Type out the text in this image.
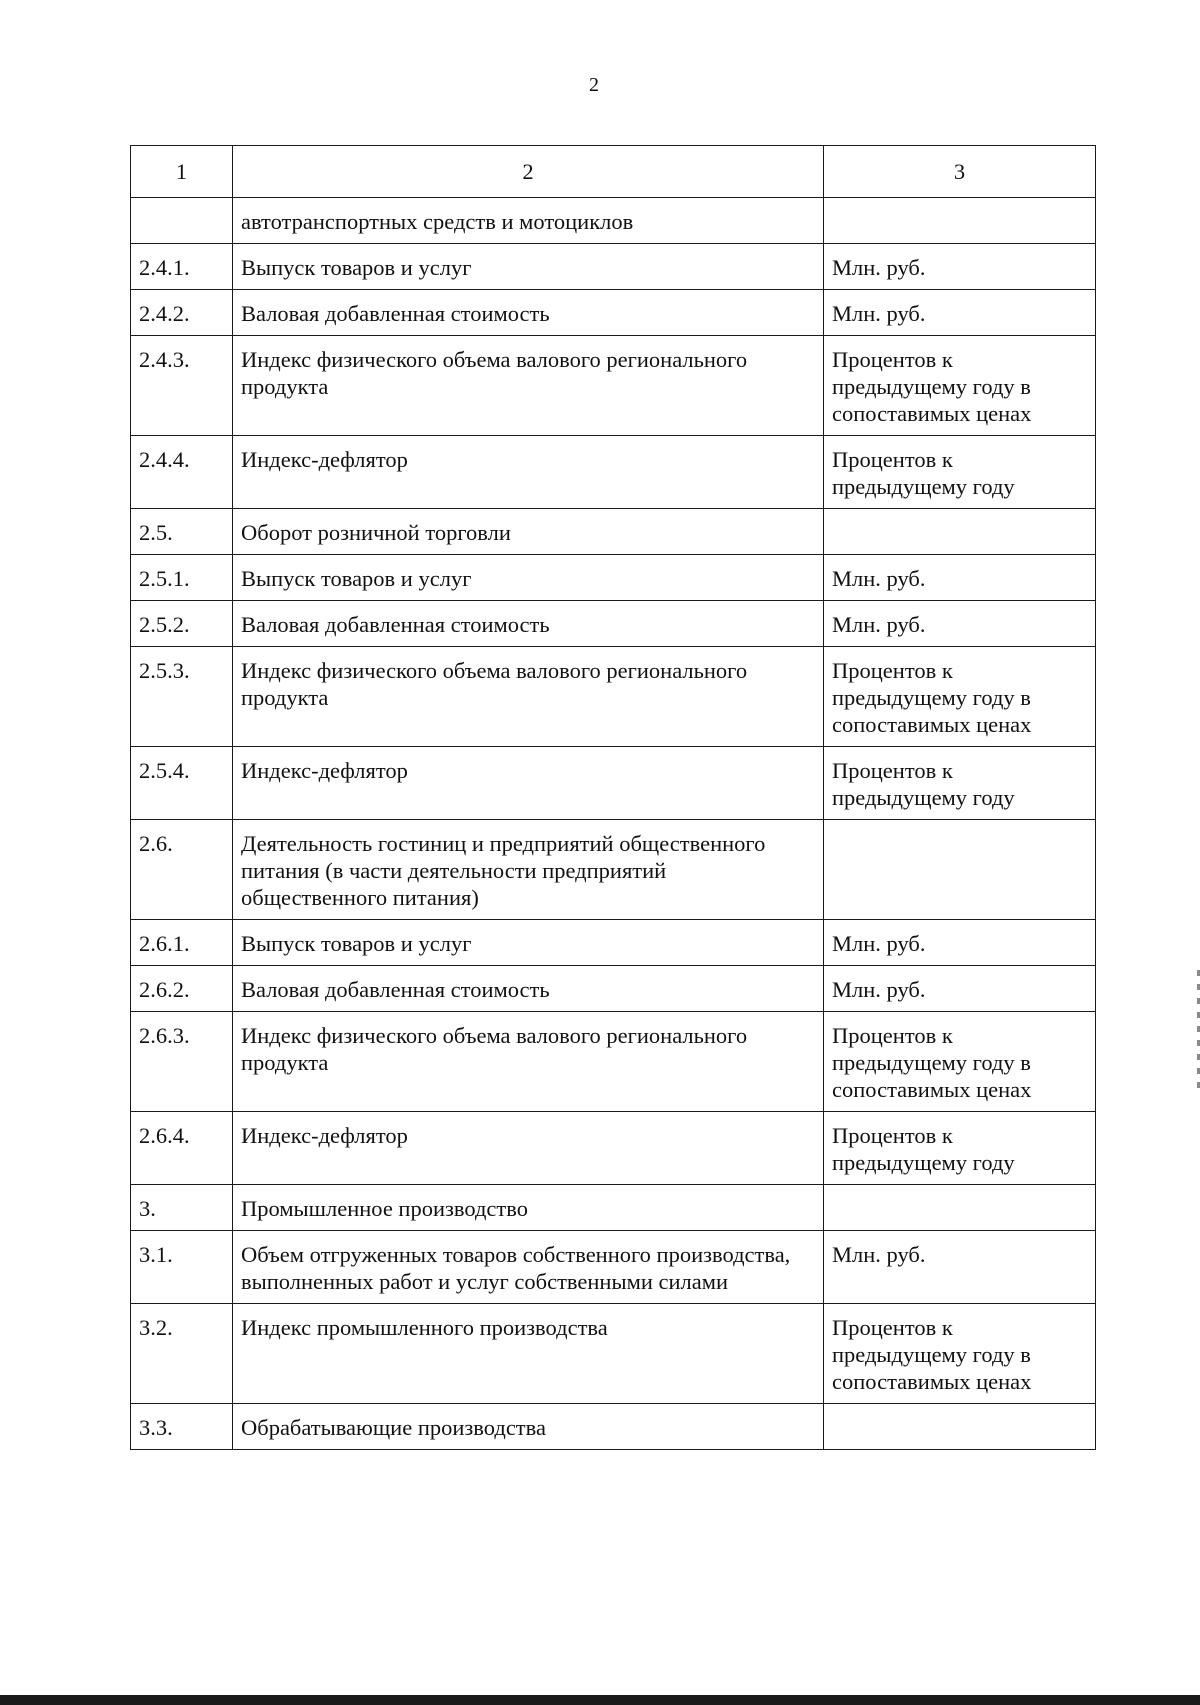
2
1	2	3
	автотранспортных средств и мотоциклов	
2.4.1.	Выпуск товаров и услуг	Млн. руб.
2.4.2.	Валовая добавленная стоимость	Млн. руб.
2.4.3.	Индекс физического объема валового регионального продукта	Процентов к предыдущему году в сопоставимых ценах
2.4.4.	Индекс-дефлятор	Процентов к предыдущему году
2.5.	Оборот розничной торговли	
2.5.1.	Выпуск товаров и услуг	Млн. руб.
2.5.2.	Валовая добавленная стоимость	Млн. руб.
2.5.3.	Индекс физического объема валового регионального продукта	Процентов к предыдущему году в сопоставимых ценах
2.5.4.	Индекс-дефлятор	Процентов к предыдущему году
2.6.	Деятельность гостиниц и предприятий общественного питания (в части деятельности предприятий общественного питания)	
2.6.1.	Выпуск товаров и услуг	Млн. руб.
2.6.2.	Валовая добавленная стоимость	Млн. руб.
2.6.3.	Индекс физического объема валового регионального продукта	Процентов к предыдущему году в сопоставимых ценах
2.6.4.	Индекс-дефлятор	Процентов к предыдущему году
3.	Промышленное производство	
3.1.	Объем отгруженных товаров собственного производства, выполненных работ и услуг собственными силами	Млн. руб.
3.2.	Индекс промышленного производства	Процентов к предыдущему году в сопоставимых ценах
3.3.	Обрабатывающие производства	
